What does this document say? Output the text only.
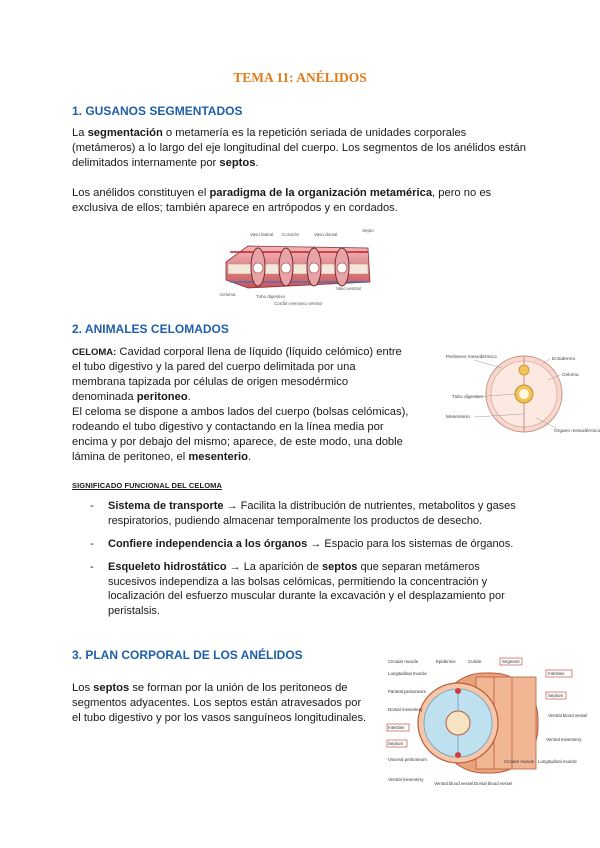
TEMA 11: ANÉLIDOS
1. GUSANOS SEGMENTADOS
La segmentación o metamería es la repetición seriada de unidades corporales (metámeros) a lo largo del eje longitudinal del cuerpo. Los segmentos de los anélidos están delimitados internamente por septos.
Los anélidos constituyen el paradigma de la organización metamérica, pero no es exclusiva de ellos; también aparece en artrópodos y en cordados.
Vaso lateral Corazón	Vaso dorsal
Septo
Celoma	Tubo digestivo
Vaso ventral
Cordón nervioso ventral
2. ANIMALES CELOMADOS
CELOMA: Cavidad corporal llena de líquido (líquido celómico) entre el tubo digestivo y la pared del cuerpo delimitada por una membrana tapizada por células de origen mesodérmico denominada peritoneo.
El celoma se dispone a ambos lados del cuerpo (bolsas celómicas), rodeando el tubo digestivo y contactando en la línea media por encima y por debajo del mismo; aparece, de este modo, una doble lámina de peritoneo, el mesenterio.
Peritoneo mesodérmico	Ectodermo
Celoma
Tubo digestivo
Mesenterio
Órgano mesodérmico
SIGNIFICADO FUNCIONAL DEL CELOMA
- Sistema de transporte → Facilita la distribución de nutrientes, metabolitos y gases respiratorios, pudiendo almacenar temporalmente los productos de desecho.
- Confiere independencia a los órganos → Espacio para los sistemas de órganos.
- Esqueleto hidrostático → La aparición de septos que separan metámeros sucesivos independiza a las bolsas celómicas, permitiendo la concentración y localización del esfuerzo muscular durante la excavación y el desplazamiento por peristalsis.
3. PLAN CORPORAL DE LOS ANÉLIDOS
Los septos se forman por la unión de los peritoneos de segmentos adyacentes. Los septos están atravesados por el tubo digestivo y por los vasos sanguíneos longitudinales.
Circular muscle	Epidermis	Cuticle	Segment
Longitudinal muscle	Intestine
Parietal peritoneum
Septum
Dorsal mesentery
Ventral blood vessel
Intestine
Ventral mesentery
Septum
Visceral peritoneum	Circular muscle Longitudinal muscle
Ventral mesentery
Ventral blood vessel Dorsal blood vessel
